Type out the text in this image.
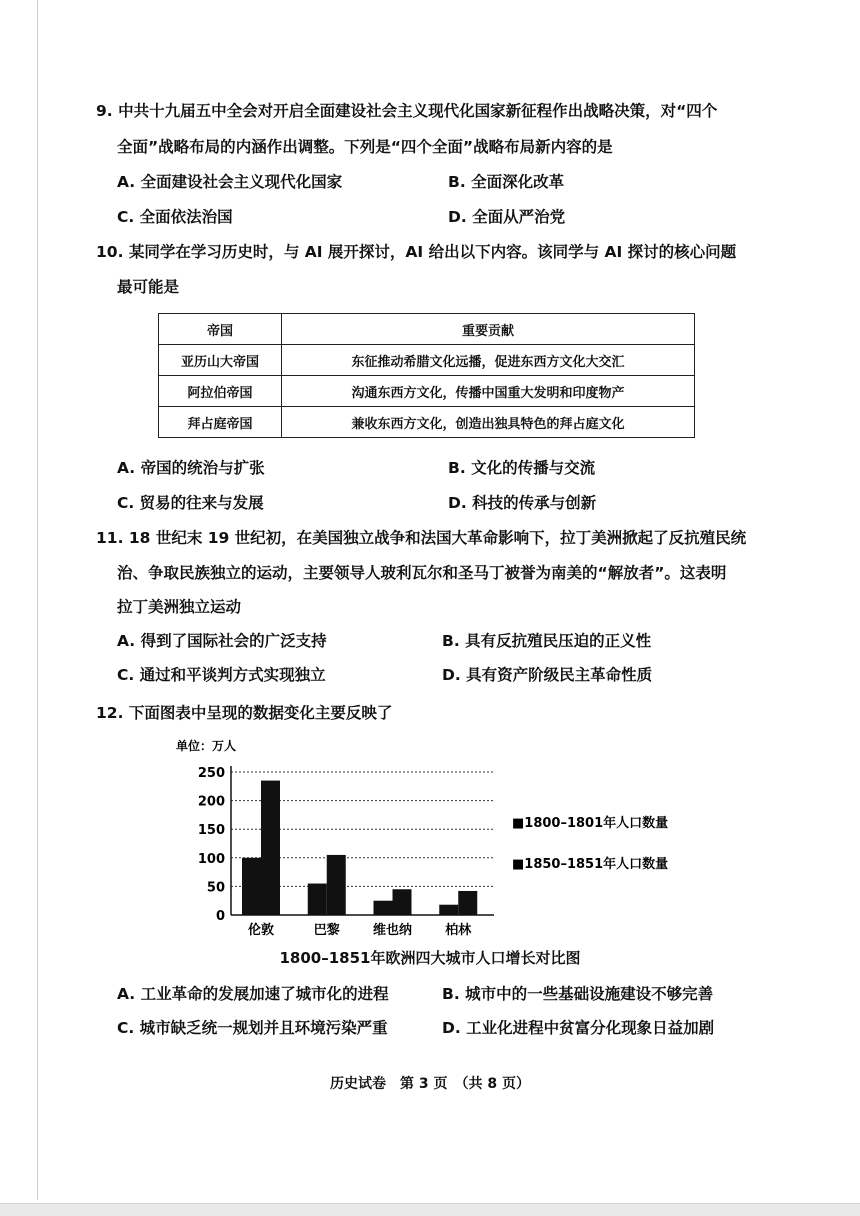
9. 中共十九届五中全会对开启全面建设社会主义现代化国家新征程作出战略决策，对“四个
全面”战略布局的内涵作出调整。下列是“四个全面”战略布局新内容的是
A. 全面建设社会主义现代化国家	B. 全面深化改革
C. 全面依法治国	D. 全面从严治党
10. 某同学在学习历史时，与 AI 展开探讨，AI 给出以下内容。该同学与 AI 探讨的核心问题
最可能是
帝国	重要贡献
亚历山大帝国	东征推动希腊文化远播，促进东西方文化大交汇
阿拉伯帝国	沟通东西方文化，传播中国重大发明和印度物产
拜占庭帝国	兼收东西方文化，创造出独具特色的拜占庭文化
A. 帝国的统治与扩张	B. 文化的传播与交流
C. 贸易的往来与发展	D. 科技的传承与创新
11. 18 世纪末 19 世纪初，在美国独立战争和法国大革命影响下，拉丁美洲掀起了反抗殖民统
治、争取民族独立的运动，主要领导人玻利瓦尔和圣马丁被誉为南美的“解放者”。这表明
拉丁美洲独立运动
A. 得到了国际社会的广泛支持	B. 具有反抗殖民压迫的正义性
C. 通过和平谈判方式实现独立	D. 具有资产阶级民主革命性质
12. 下面图表中呈现的数据变化主要反映了
单位：万人
0
50
100
150
200
250
伦敦	巴黎	维也纳	柏林
■1800–1801年人口数量
■1850–1851年人口数量
1800–1851年欧洲四大城市人口增长对比图
A. 工业革命的发展加速了城市化的进程	B. 城市中的一些基础设施建设不够完善
C. 城市缺乏统一规划并且环境污染严重	D. 工业化进程中贫富分化现象日益加剧
历史试卷　第 3 页　（共 8 页）
